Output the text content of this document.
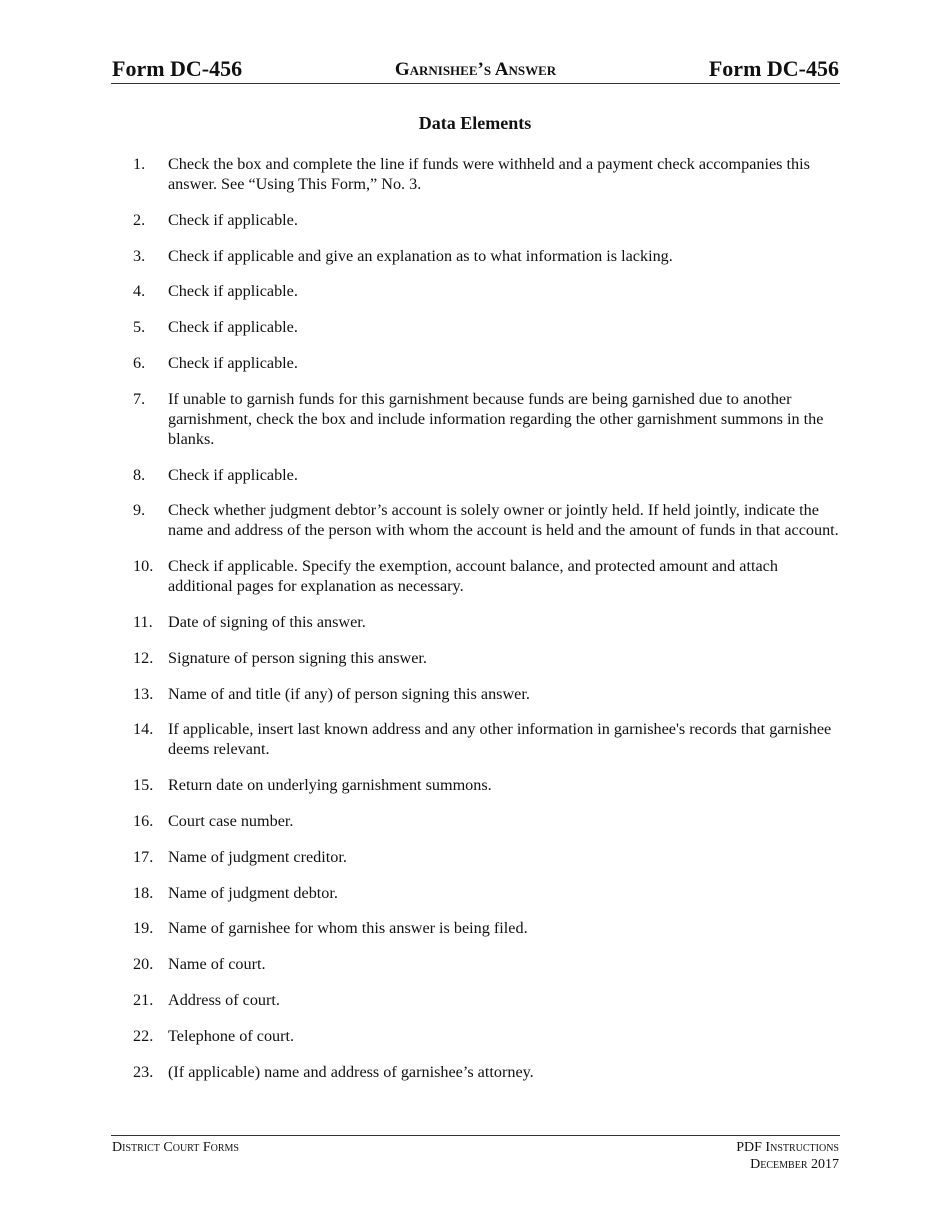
Form DC-456	Garnishee’s Answer	Form DC-456
Data Elements
1.	Check the box and complete the line if funds were withheld and a payment check accompanies this answer. See “Using This Form,” No. 3.
2.	Check if applicable.
3.	Check if applicable and give an explanation as to what information is lacking.
4.	Check if applicable.
5.	Check if applicable.
6.	Check if applicable.
7.	If unable to garnish funds for this garnishment because funds are being garnished due to another garnishment, check the box and include information regarding the other garnishment summons in the blanks.
8.	Check if applicable.
9.	Check whether judgment debtor’s account is solely owner or jointly held. If held jointly, indicate the name and address of the person with whom the account is held and the amount of funds in that account.
10. Check if applicable. Specify the exemption, account balance, and protected amount and attach additional pages for explanation as necessary.
11. Date of signing of this answer.
12. Signature of person signing this answer.
13. Name of and title (if any) of person signing this answer.
14. If applicable, insert last known address and any other information in garnishee's records that garnishee deems relevant.
15. Return date on underlying garnishment summons.
16. Court case number.
17. Name of judgment creditor.
18. Name of judgment debtor.
19. Name of garnishee for whom this answer is being filed.
20. Name of court.
21. Address of court.
22. Telephone of court.
23. (If applicable) name and address of garnishee’s attorney.
District Court Forms	PDF Instructions
December 2017
